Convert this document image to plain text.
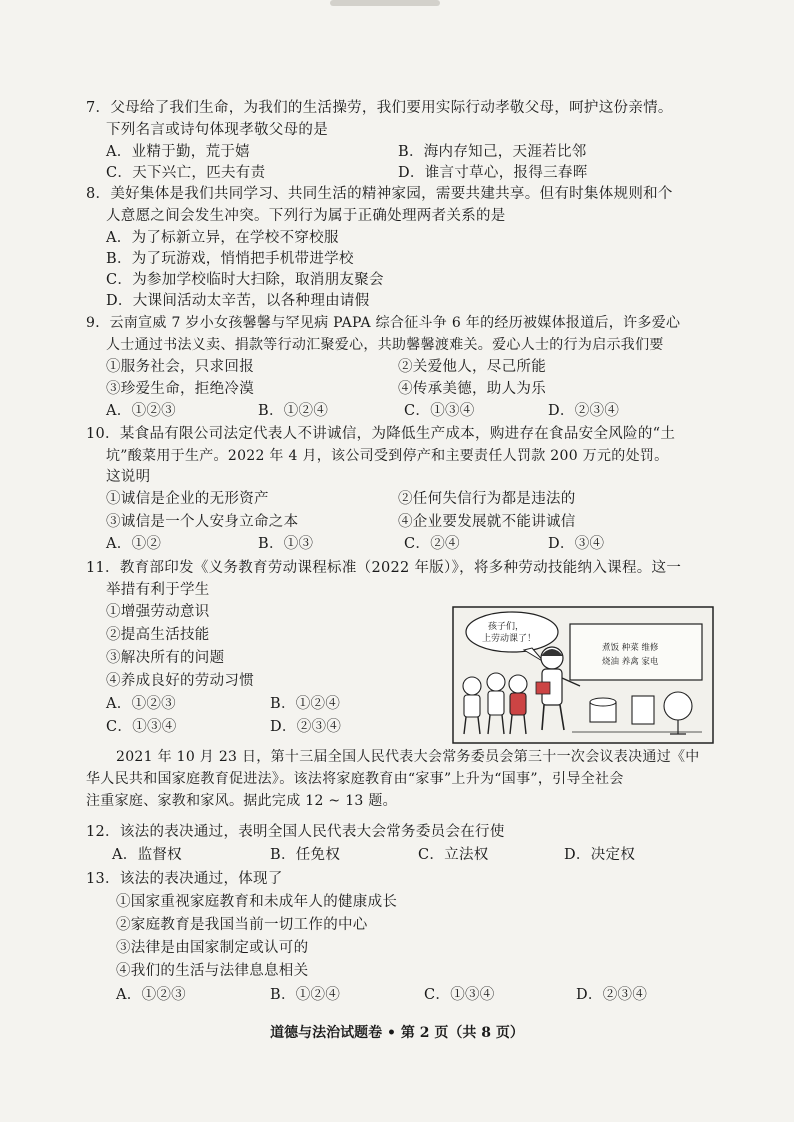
7．父母给了我们生命，为我们的生活操劳，我们要用实际行动孝敬父母，呵护这份亲情。
下列名言或诗句体现孝敬父母的是
A．业精于勤，荒于嬉	B．海内存知己，天涯若比邻
C．天下兴亡，匹夫有责	D．谁言寸草心，报得三春晖
8．美好集体是我们共同学习、共同生活的精神家园，需要共建共享。但有时集体规则和个
人意愿之间会发生冲突。下列行为属于正确处理两者关系的是
A．为了标新立异，在学校不穿校服
B．为了玩游戏，悄悄把手机带进学校
C．为参加学校临时大扫除，取消朋友聚会
D．大课间活动太辛苦，以各种理由请假
9．云南宣威 7 岁小女孩馨馨与罕见病 PAPA 综合征斗争 6 年的经历被媒体报道后，许多爱心
人士通过书法义卖、捐款等行动汇聚爱心，共助馨馨渡难关。爱心人士的行为启示我们要
①服务社会，只求回报	②关爱他人，尽己所能
③珍爱生命，拒绝冷漠	④传承美德，助人为乐
A．①②③	B．①②④	C．①③④	D．②③④
10．某食品有限公司法定代表人不讲诚信，为降低生产成本，购进存在食品安全风险的“土
坑”酸菜用于生产。2022 年 4 月，该公司受到停产和主要责任人罚款 200 万元的处罚。
这说明
①诚信是企业的无形资产	②任何失信行为都是违法的
③诚信是一个人安身立命之本	④企业要发展就不能讲诚信
A．①②	B．①③	C．②④	D．③④
11．教育部印发《义务教育劳动课程标准（2022 年版）》，将多种劳动技能纳入课程。这一
举措有利于学生
①增强劳动意识
②提高生活技能
③解决所有的问题
④养成良好的劳动习惯
A．①②③	B．①②④
C．①③④	D．②③④
煮饭 种菜 维修
烧油 养禽 家电
孩子们，
上劳动课了！
2021 年 10 月 23 日，第十三届全国人民代表大会常务委员会第三十一次会议表决通过《中
华人民共和国家庭教育促进法》。该法将家庭教育由“家事”上升为“国事”，引导全社会
注重家庭、家教和家风。据此完成 12 ~ 13 题。
12．该法的表决通过，表明全国人民代表大会常务委员会在行使
A．监督权	B．任免权	C．立法权	D．决定权
13．该法的表决通过，体现了
①国家重视家庭教育和未成年人的健康成长
②家庭教育是我国当前一切工作的中心
③法律是由国家制定或认可的
④我们的生活与法律息息相关
A．①②③	B．①②④	C．①③④	D．②③④
道德与法治试题卷 • 第 2 页（共 8 页）
